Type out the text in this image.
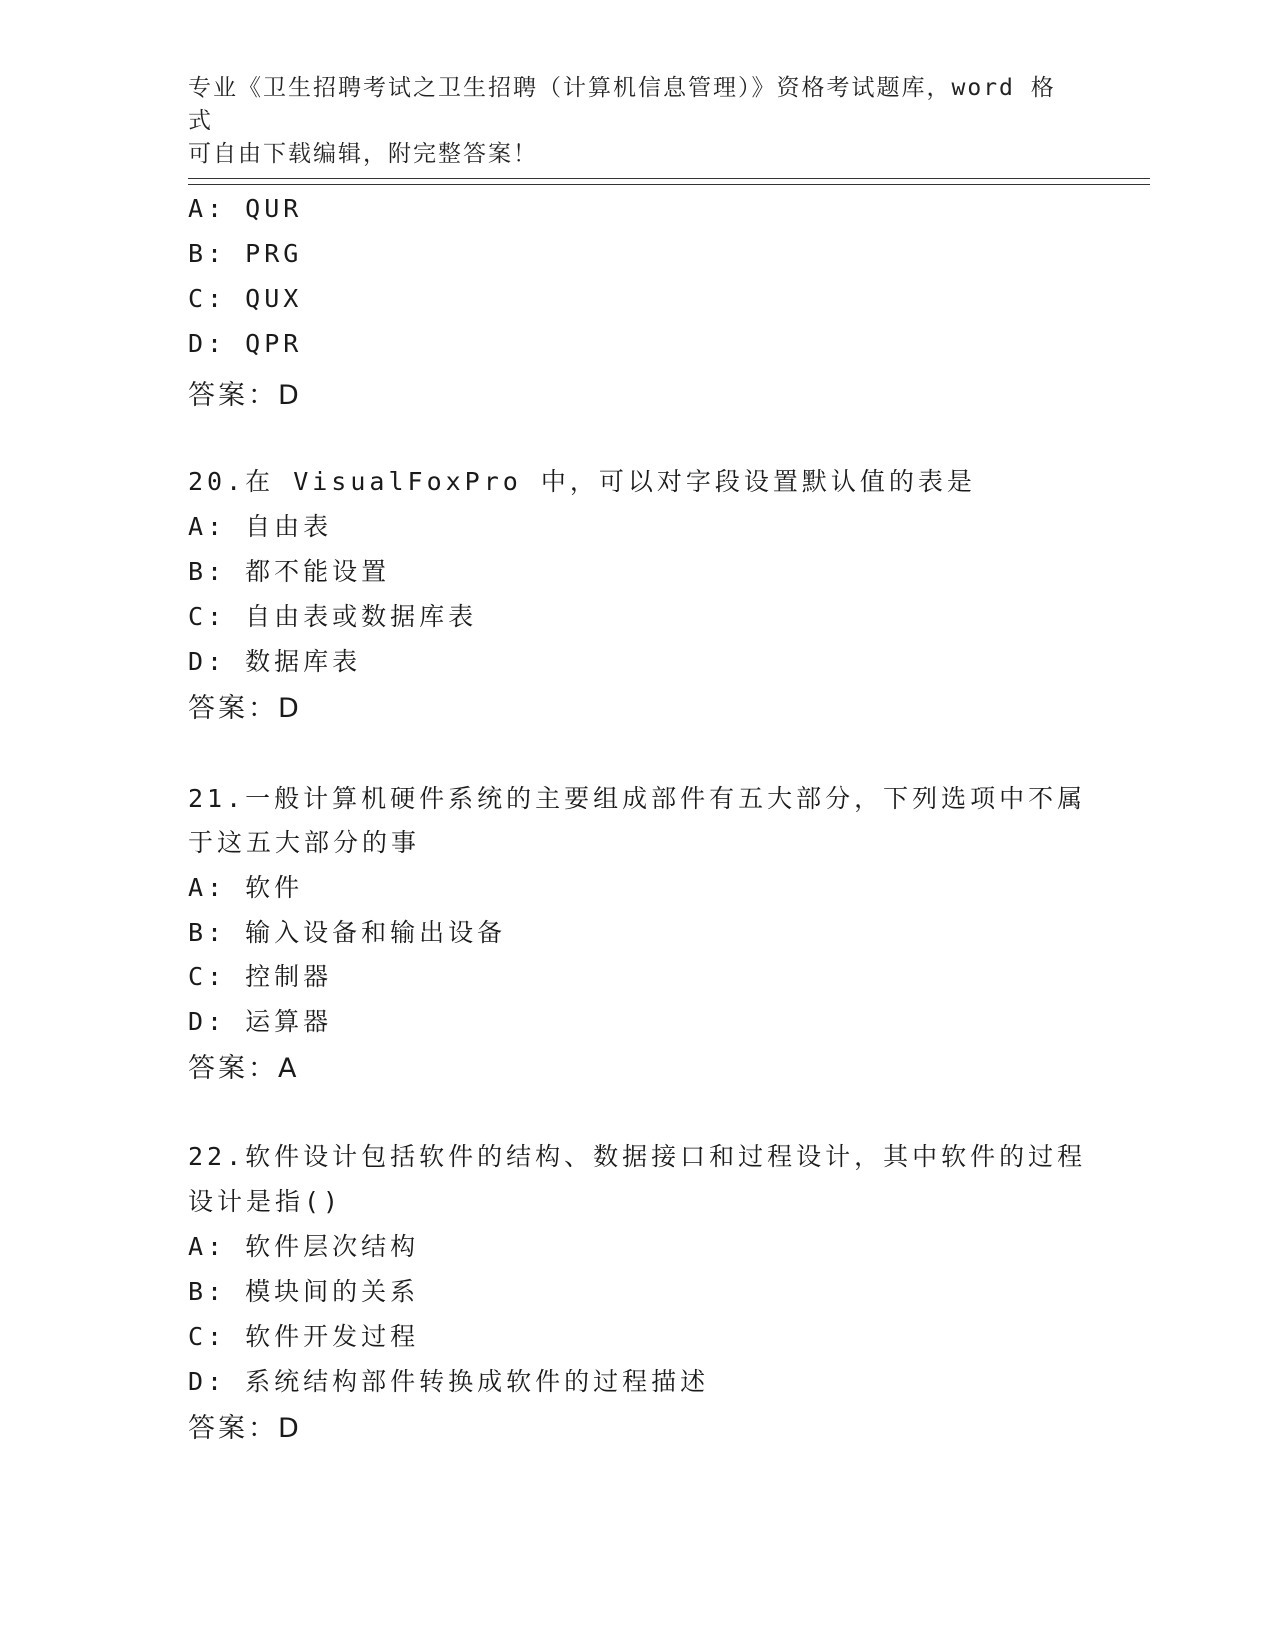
专业《卫生招聘考试之卫生招聘（计算机信息管理）》资格考试题库，word 格式
可自由下载编辑，附完整答案！
A: QUR
B: PRG
C: QUX
D: QPR
答案：D
20.在 VisualFoxPro 中，可以对字段设置默认值的表是
A: 自由表
B: 都不能设置
C: 自由表或数据库表
D: 数据库表
答案：D
21.一般计算机硬件系统的主要组成部件有五大部分，下列选项中不属
于这五大部分的事
A: 软件
B: 输入设备和输出设备
C: 控制器
D: 运算器
答案：A
22.软件设计包括软件的结构、数据接口和过程设计，其中软件的过程
设计是指()
A: 软件层次结构
B: 模块间的关系
C: 软件开发过程
D: 系统结构部件转换成软件的过程描述
答案：D
